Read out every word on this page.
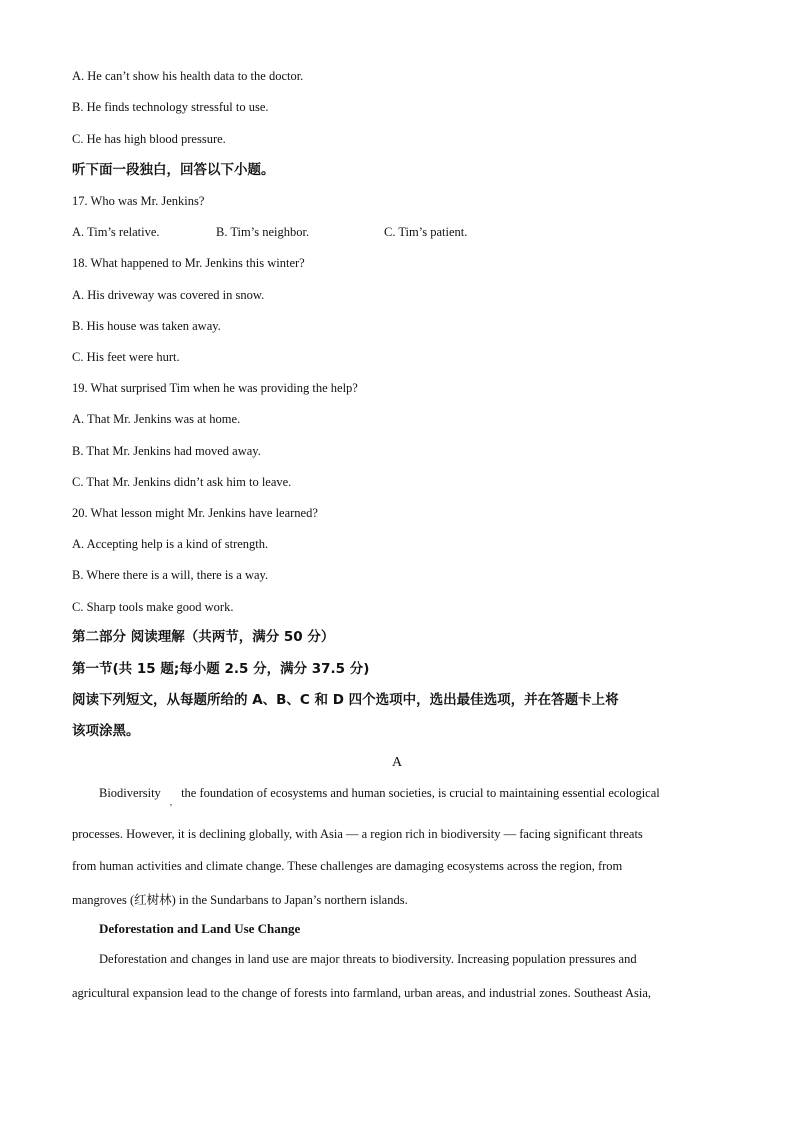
A. He can’t show his health data to the doctor.
B. He finds technology stressful to use.
C. He has high blood pressure.
听下面一段独白，回答以下小题。
17. Who was Mr. Jenkins?
A. Tim’s relative.	B. Tim’s neighbor.	C. Tim’s patient.
18. What happened to Mr. Jenkins this winter?
A. His driveway was covered in snow.
B. His house was taken away.
C. His feet were hurt.
19. What surprised Tim when he was providing the help?
A. That Mr. Jenkins was at home.
B. That Mr. Jenkins had moved away.
C. That Mr. Jenkins didn’t ask him to leave.
20. What lesson might Mr. Jenkins have learned?
A. Accepting help is a kind of strength.
B. Where there is a will, there is a way.
C. Sharp tools make good work.
第二部分 阅读理解（共两节，满分 50 分）
第一节(共 15 题;每小题 2.5 分，满分 37.5 分)
阅读下列短文，从每题所给的 A、B、C 和 D 四个选项中，选出最佳选项，并在答题卡上将
该项涂黑。
A
Biodiversity , the foundation of ecosystems and human societies, is crucial to maintaining essential ecological
processes. However, it is declining globally, with Asia — a region rich in biodiversity — facing significant threats
from human activities and climate change. These challenges are damaging ecosystems across the region, from
mangroves (红树林) in the Sundarbans to Japan’s northern islands.
Deforestation and Land Use Change
Deforestation and changes in land use are major threats to biodiversity. Increasing population pressures and
agricultural expansion lead to the change of forests into farmland, urban areas, and industrial zones. Southeast Asia,
